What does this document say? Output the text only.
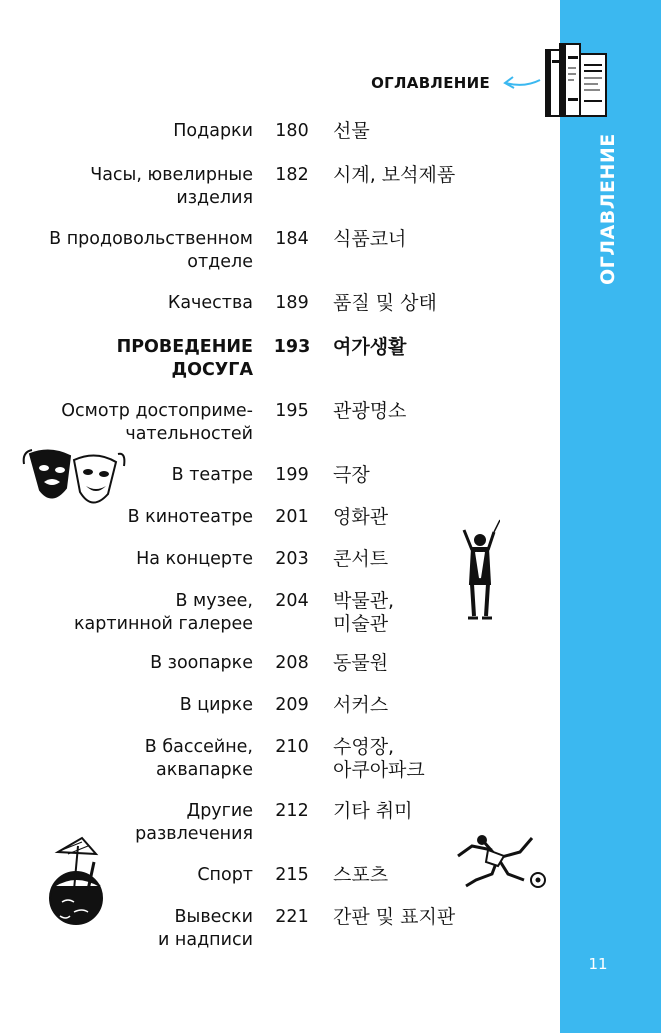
ОГЛАВЛЕНИЕ
11
ОГЛАВЛЕНИЕ
Подарки 180 선물
Часы, ювелирные
изделия
182 시계, 보석제품
В продовольственном
отделе
184 식품코너
Качества 189 품질 및 상태
ПРОВЕДЕНИЕ
ДОСУГА
193 여가생활
Осмотр достоприме-
чательностей
195 관광명소
В театре 199 극장
В кинотеатре 201 영화관
На концерте 203 콘서트
В музее,
картинной галерее
204 박물관,
미술관
В зоопарке 208 동물원
В цирке 209 서커스
В бассейне,
аквапарке
210 수영장,
아쿠아파크
Другие
развлечения
212 기타 취미
Спорт 215 스포츠
Вывески
и надписи
221 간판 및 표지판
